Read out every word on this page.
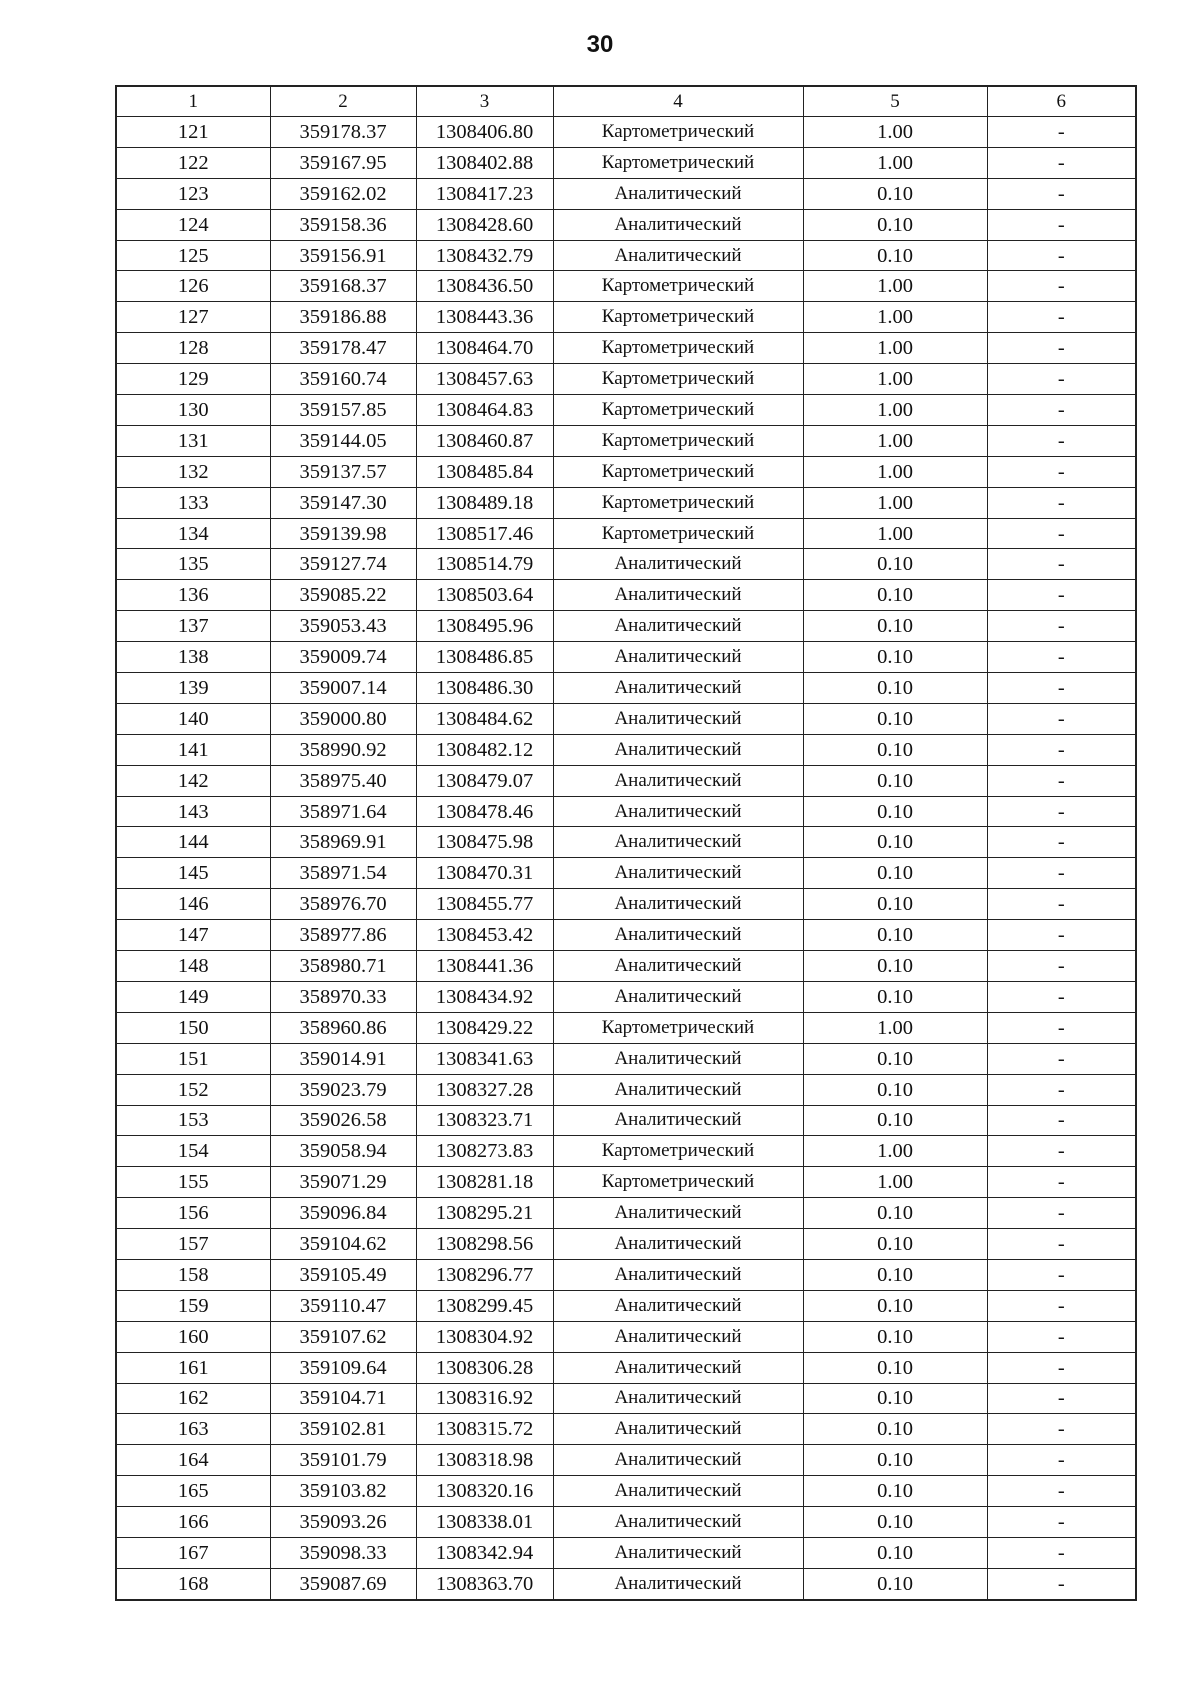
30
1	2	3	4	5	6
121	359178.37	1308406.80	Картометрический	1.00	-
122	359167.95	1308402.88	Картометрический	1.00	-
123	359162.02	1308417.23	Аналитический	0.10	-
124	359158.36	1308428.60	Аналитический	0.10	-
125	359156.91	1308432.79	Аналитический	0.10	-
126	359168.37	1308436.50	Картометрический	1.00	-
127	359186.88	1308443.36	Картометрический	1.00	-
128	359178.47	1308464.70	Картометрический	1.00	-
129	359160.74	1308457.63	Картометрический	1.00	-
130	359157.85	1308464.83	Картометрический	1.00	-
131	359144.05	1308460.87	Картометрический	1.00	-
132	359137.57	1308485.84	Картометрический	1.00	-
133	359147.30	1308489.18	Картометрический	1.00	-
134	359139.98	1308517.46	Картометрический	1.00	-
135	359127.74	1308514.79	Аналитический	0.10	-
136	359085.22	1308503.64	Аналитический	0.10	-
137	359053.43	1308495.96	Аналитический	0.10	-
138	359009.74	1308486.85	Аналитический	0.10	-
139	359007.14	1308486.30	Аналитический	0.10	-
140	359000.80	1308484.62	Аналитический	0.10	-
141	358990.92	1308482.12	Аналитический	0.10	-
142	358975.40	1308479.07	Аналитический	0.10	-
143	358971.64	1308478.46	Аналитический	0.10	-
144	358969.91	1308475.98	Аналитический	0.10	-
145	358971.54	1308470.31	Аналитический	0.10	-
146	358976.70	1308455.77	Аналитический	0.10	-
147	358977.86	1308453.42	Аналитический	0.10	-
148	358980.71	1308441.36	Аналитический	0.10	-
149	358970.33	1308434.92	Аналитический	0.10	-
150	358960.86	1308429.22	Картометрический	1.00	-
151	359014.91	1308341.63	Аналитический	0.10	-
152	359023.79	1308327.28	Аналитический	0.10	-
153	359026.58	1308323.71	Аналитический	0.10	-
154	359058.94	1308273.83	Картометрический	1.00	-
155	359071.29	1308281.18	Картометрический	1.00	-
156	359096.84	1308295.21	Аналитический	0.10	-
157	359104.62	1308298.56	Аналитический	0.10	-
158	359105.49	1308296.77	Аналитический	0.10	-
159	359110.47	1308299.45	Аналитический	0.10	-
160	359107.62	1308304.92	Аналитический	0.10	-
161	359109.64	1308306.28	Аналитический	0.10	-
162	359104.71	1308316.92	Аналитический	0.10	-
163	359102.81	1308315.72	Аналитический	0.10	-
164	359101.79	1308318.98	Аналитический	0.10	-
165	359103.82	1308320.16	Аналитический	0.10	-
166	359093.26	1308338.01	Аналитический	0.10	-
167	359098.33	1308342.94	Аналитический	0.10	-
168	359087.69	1308363.70	Аналитический	0.10	-
